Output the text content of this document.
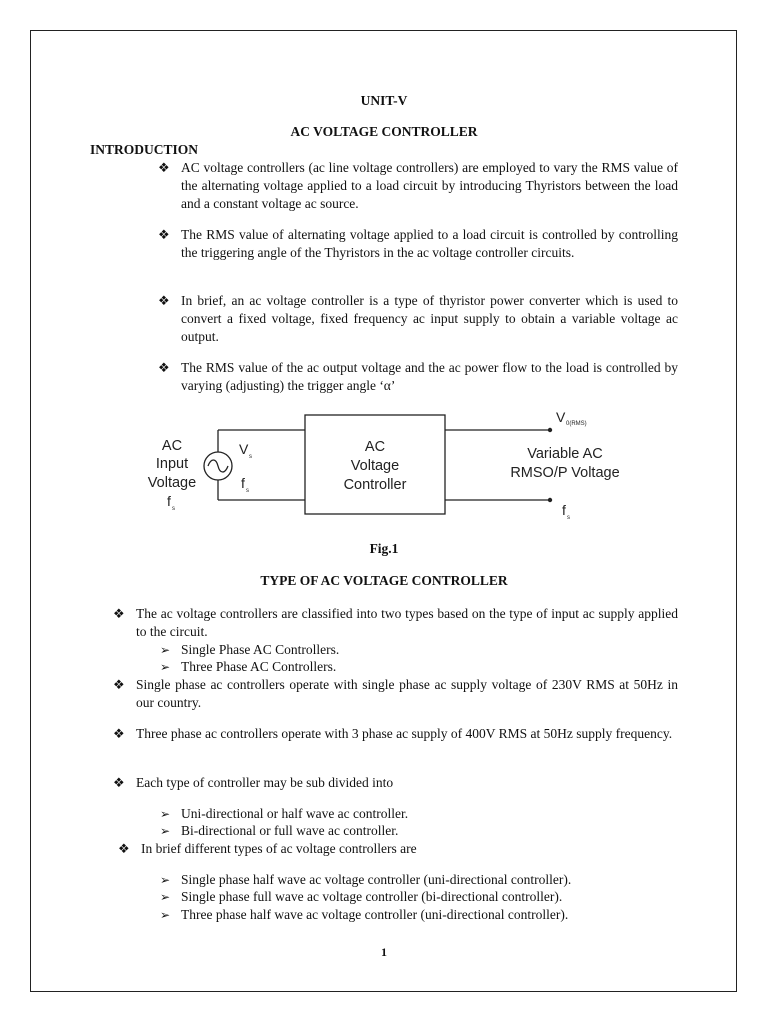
UNIT-V
AC VOLTAGE CONTROLLER
INTRODUCTION
❖ AC voltage controllers (ac line voltage controllers) are employed to vary the RMS value of the alternating voltage applied to a load circuit by introducing Thyristors between the load and a constant voltage ac source.
❖ The RMS value of alternating voltage applied to a load circuit is controlled by controlling the triggering angle of the Thyristors in the ac voltage controller circuits.
❖ In brief, an ac voltage controller is a type of thyristor power converter which is used to convert a fixed voltage, fixed frequency ac input supply to obtain a variable voltage ac output.
❖ The RMS value of the ac output voltage and the ac power flow to the load is controlled by varying (adjusting) the trigger angle ‘α’
AC
Input
Voltage
f s
V s
f s
AC
Voltage
Controller
V 0(RMS)
Variable AC
RMSO/P Voltage
f s
Fig.1
TYPE OF AC VOLTAGE CONTROLLER
❖ The ac voltage controllers are classified into two types based on the type of input ac supply applied to the circuit.
➢ Single Phase AC Controllers.
➢ Three Phase AC Controllers.
❖ Single phase ac controllers operate with single phase ac supply voltage of 230V RMS at 50Hz in our country.
❖ Three phase ac controllers operate with 3 phase ac supply of 400V RMS at 50Hz supply frequency.
❖ Each type of controller may be sub divided into
➢ Uni-directional or half wave ac controller.
➢ Bi-directional or full wave ac controller.
❖ In brief different types of ac voltage controllers are
➢ Single phase half wave ac voltage controller (uni-directional controller).
➢ Single phase full wave ac voltage controller (bi-directional controller).
➢ Three phase half wave ac voltage controller (uni-directional controller).
1
